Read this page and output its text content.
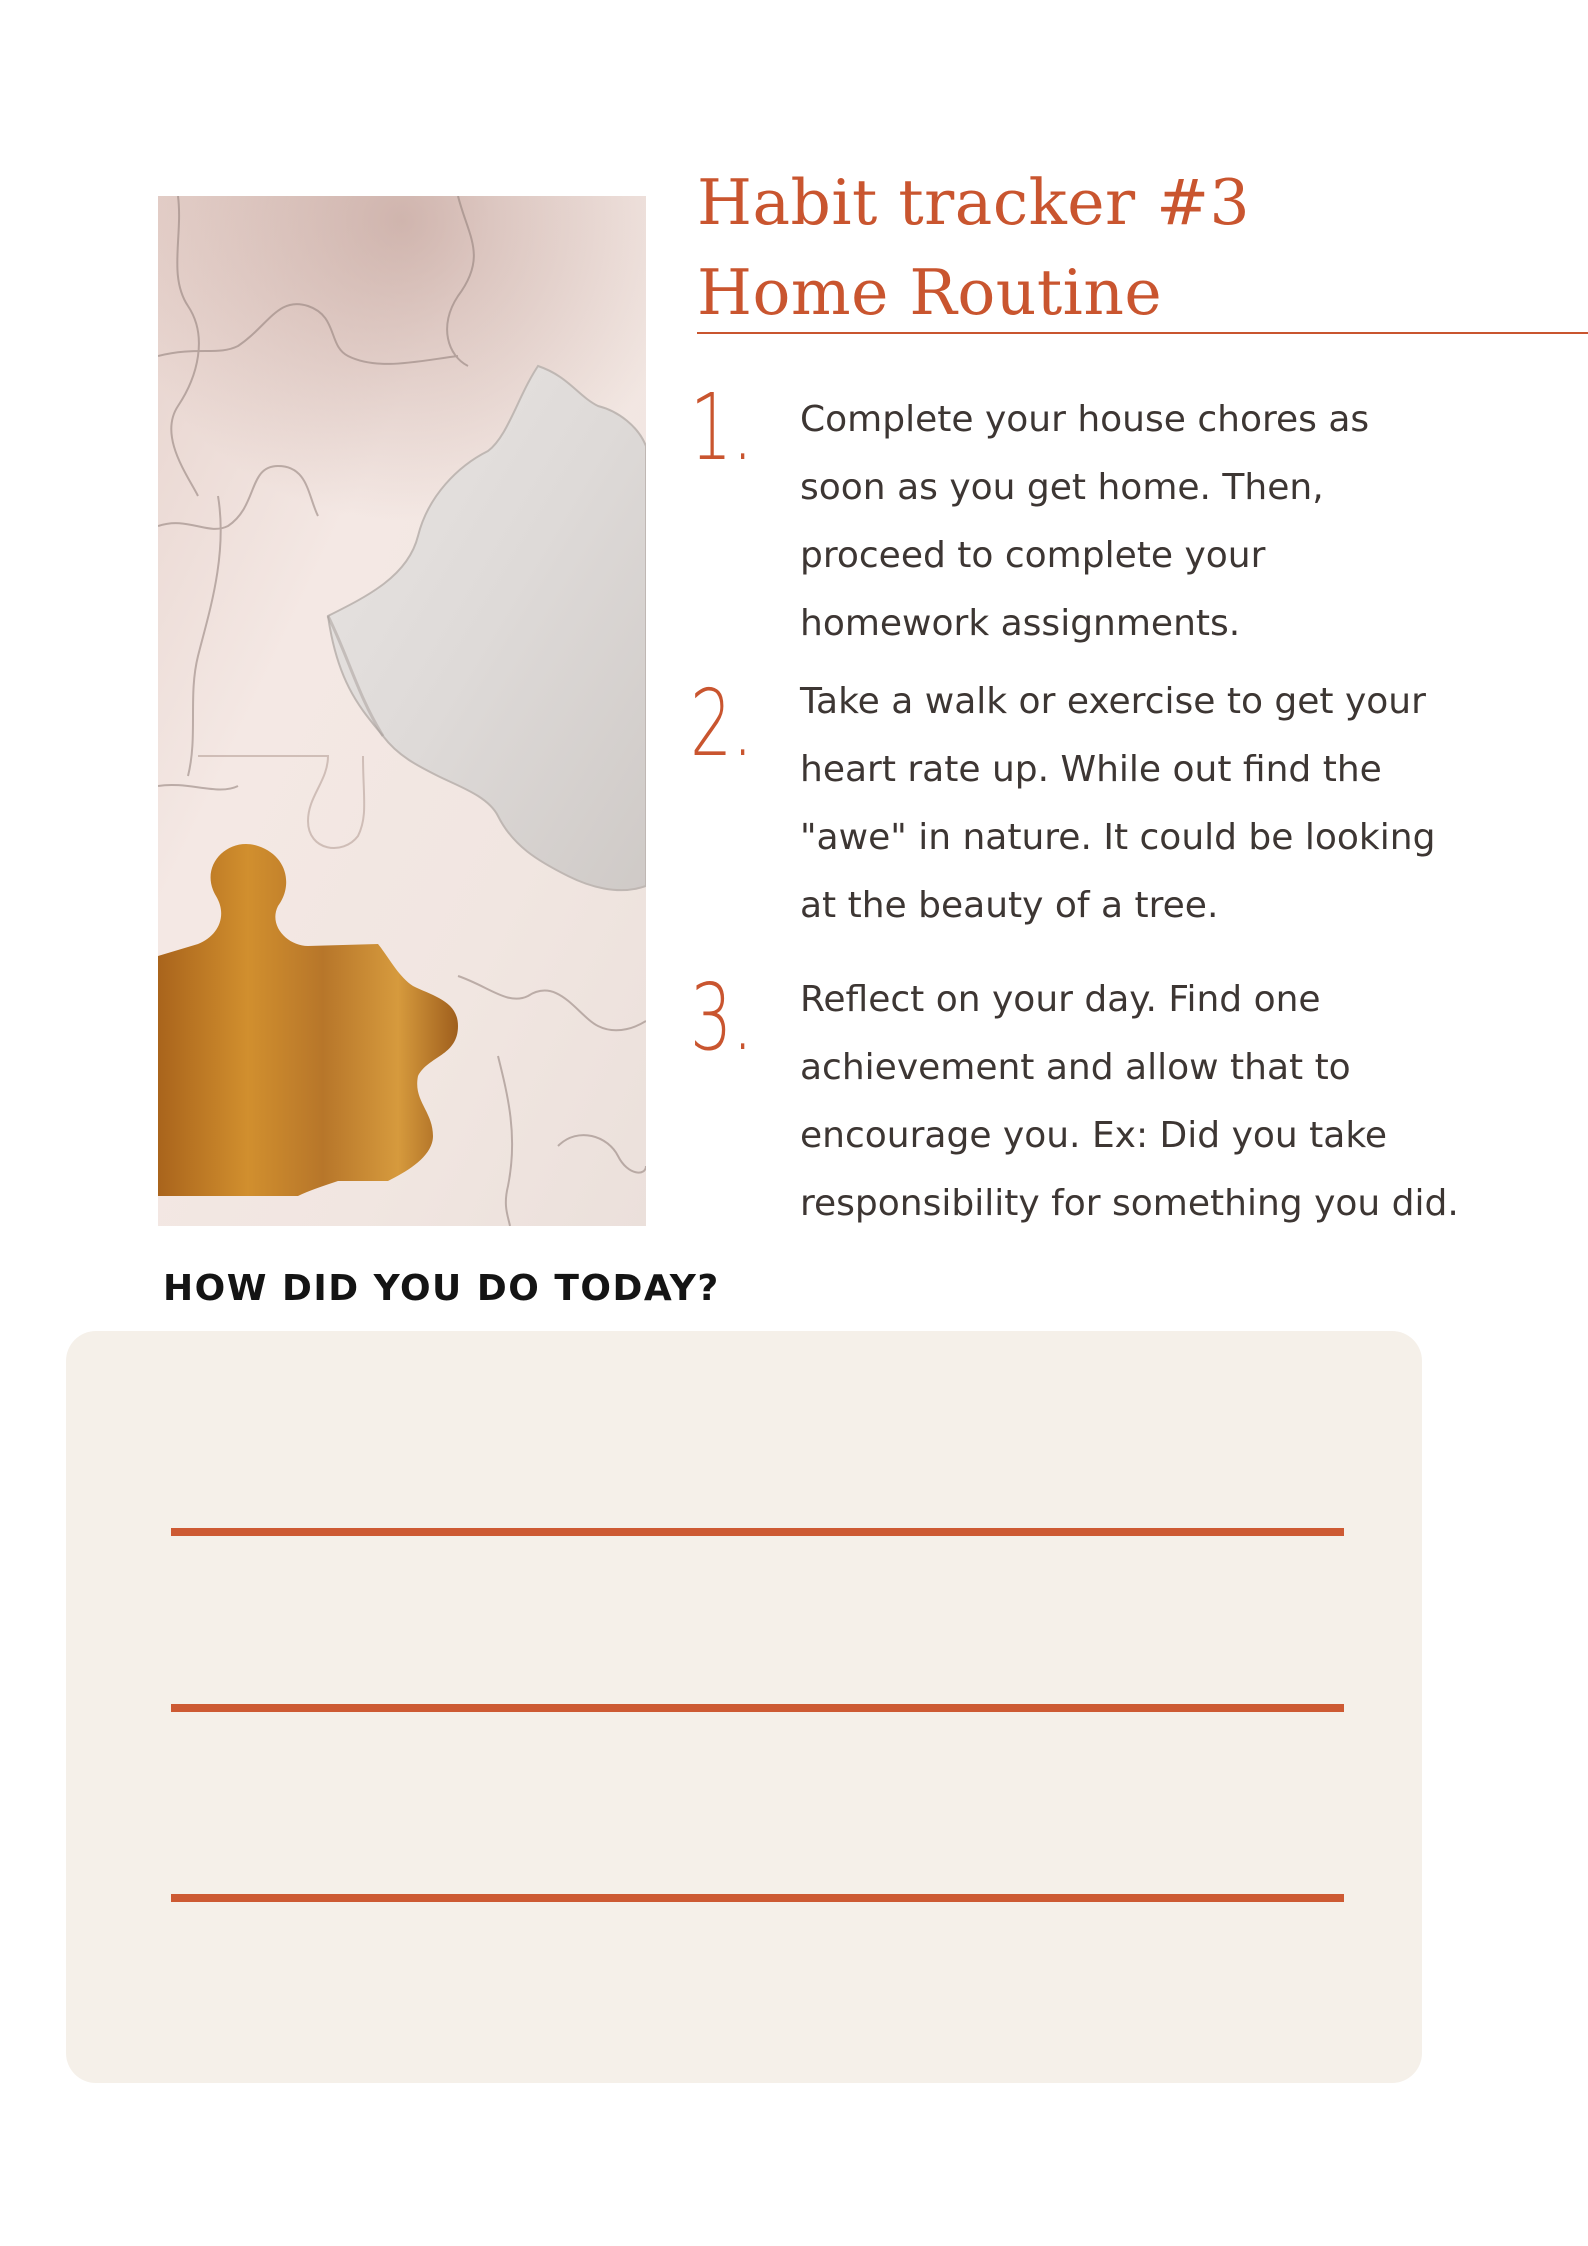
Habit tracker #3
Home Routine
1. Complete your house chores as
soon as you get home. Then,
proceed to complete your
homework assignments.

2. Take a walk or exercise to get your
heart rate up. While out find the
"awe" in nature. It could be looking
at the beauty of a tree.

3. Reflect on your day. Find one
achievement and allow that to
encourage you. Ex: Did you take
responsibility for something you did.

HOW DID YOU DO TODAY?
